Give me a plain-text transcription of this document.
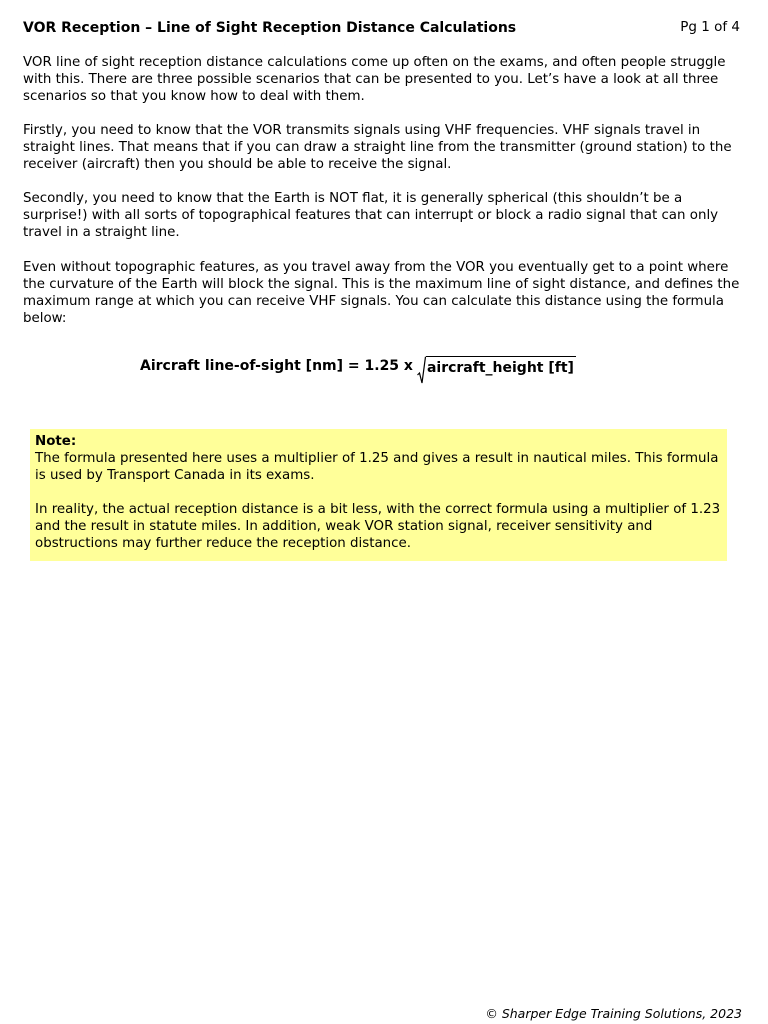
VOR Reception – Line of Sight Reception Distance Calculations	Pg 1 of 4

VOR line of sight reception distance calculations come up often on the exams, and often people struggle with this. There are three possible scenarios that can be presented to you. Let’s have a look at all three scenarios so that you know how to deal with them.

Firstly, you need to know that the VOR transmits signals using VHF frequencies. VHF signals travel in straight lines. That means that if you can draw a straight line from the transmitter (ground station) to the receiver (aircraft) then you should be able to receive the signal.

Secondly, you need to know that the Earth is NOT flat, it is generally spherical (this shouldn’t be a surprise!) with all sorts of topographical features that can interrupt or block a radio signal that can only travel in a straight line.

Even without topographic features, as you travel away from the VOR you eventually get to a point where the curvature of the Earth will block the signal. This is the maximum line of sight distance, and defines the maximum range at which you can receive VHF signals. You can calculate this distance using the formula below:

Aircraft line-of-sight [nm] = 1.25 x aircraft_height [ft]
Note:

The formula presented here uses a multiplier of 1.25 and gives a result in nautical miles. This formula is used by Transport Canada in its exams.

In reality, the actual reception distance is a bit less, with the correct formula using a multiplier of 1.23 and the result in statute miles. In addition, weak VOR station signal, receiver sensitivity and obstructions may further reduce the reception distance.

© Sharper Edge Training Solutions, 2023
